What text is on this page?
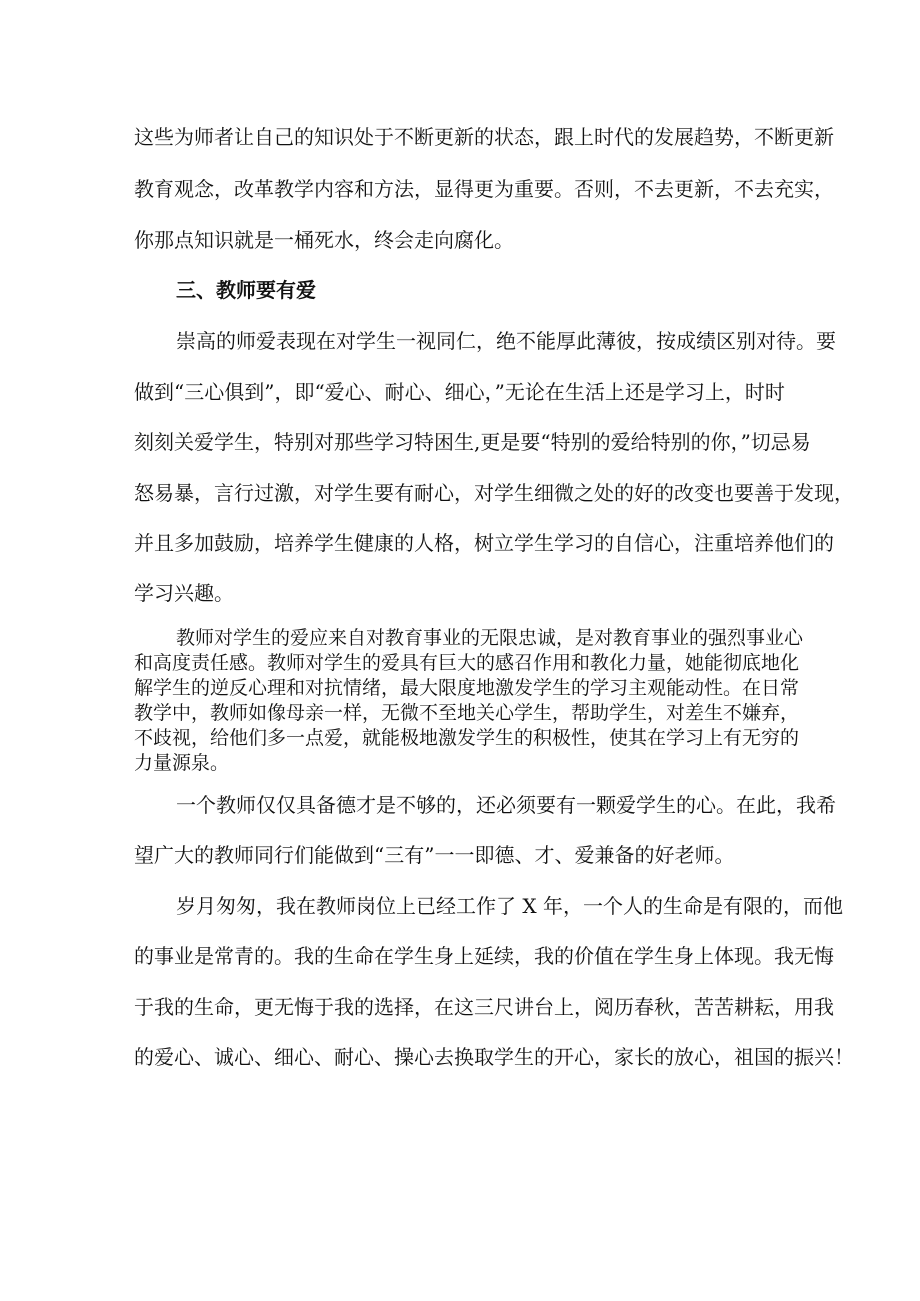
这些为师者让自己的知识处于不断更新的状态，跟上时代的发展趋势，不断更新
教育观念，改革教学内容和方法，显得更为重要。否则，不去更新，不去充实，
你那点知识就是一桶死水，终会走向腐化。
三、教师要有爱
崇高的师爱表现在对学生一视同仁，绝不能厚此薄彼，按成绩区别对待。要
做到“三心俱到”，即“爱心、耐心、细心，”无论在生活上还是学习上，时时
刻刻关爱学生，特别对那些学习特困生,更是要“特别的爱给特别的你，”切忌易
怒易暴，言行过激，对学生要有耐心，对学生细微之处的好的改变也要善于发现，
并且多加鼓励，培养学生健康的人格，树立学生学习的自信心，注重培养他们的
学习兴趣。
教师对学生的爱应来自对教育事业的无限忠诚，是对教育事业的强烈事业心
和高度责任感。教师对学生的爱具有巨大的感召作用和教化力量，她能彻底地化
解学生的逆反心理和对抗情绪，最大限度地激发学生的学习主观能动性。在日常
教学中，教师如像母亲一样，无微不至地关心学生，帮助学生，对差生不嫌弃，
不歧视，给他们多一点爱，就能极地激发学生的积极性，使其在学习上有无穷的
力量源泉。
一个教师仅仅具备德才是不够的，还必须要有一颗爱学生的心。在此，我希
望广大的教师同行们能做到“三有”一一即德、才、爱兼备的好老师。
岁月匆匆，我在教师岗位上已经工作了 X 年，一个人的生命是有限的，而他
的事业是常青的。我的生命在学生身上延续，我的价值在学生身上体现。我无悔
于我的生命，更无悔于我的选择，在这三尺讲台上，阅历春秋，苦苦耕耘，用我
的爱心、诚心、细心、耐心、操心去换取学生的开心，家长的放心，祖国的振兴！
